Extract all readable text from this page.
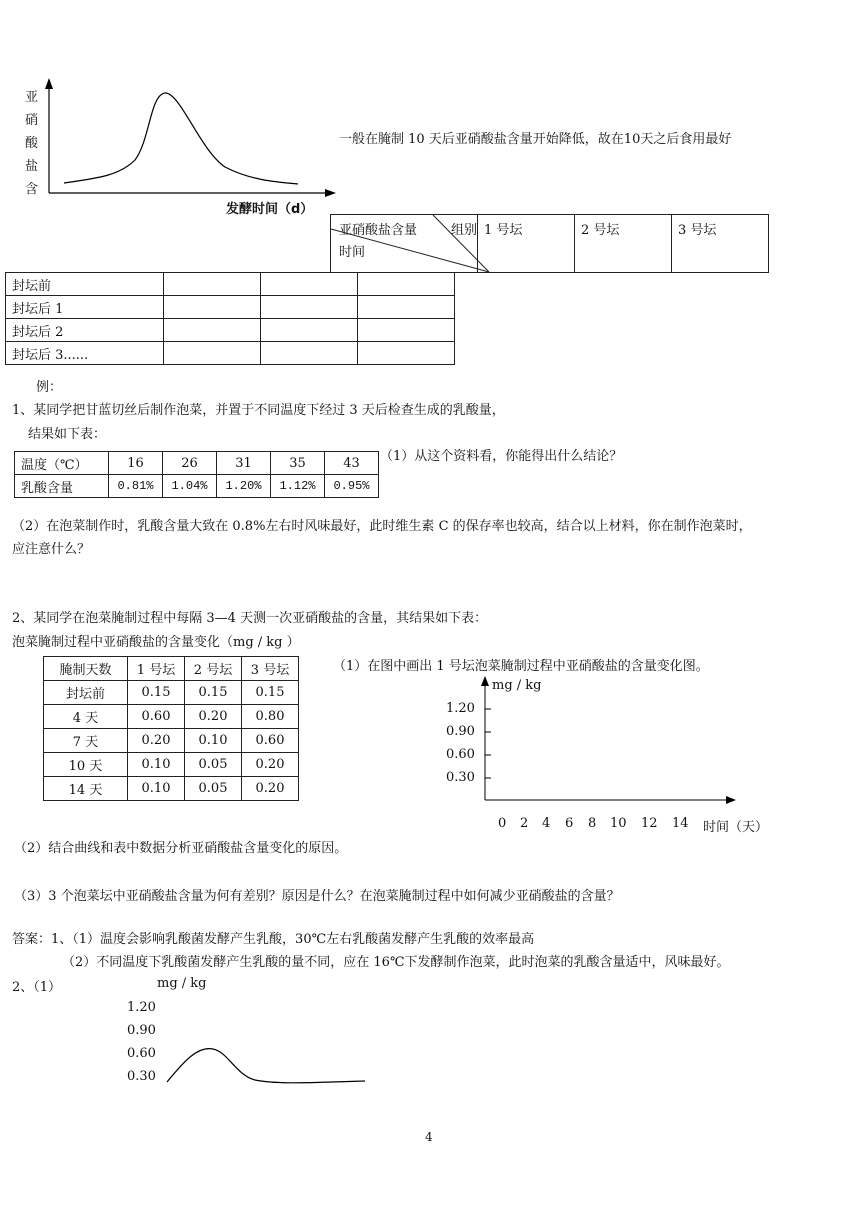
亚
硝
酸
盐
含
发酵时间（d）
一般在腌制 10 天后亚硝酸盐含量开始降低，故在10天之后食用最好
亚硝酸盐含量	组别
时间
	1 号坛	2 号坛	3 号坛
封坛前			
封坛后 1			
封坛后 2			
封坛后 3......			
例：
1、某同学把甘蓝切丝后制作泡菜，并置于不同温度下经过 3 天后检查生成的乳酸量，
结果如下表：
温度（℃）	16	26	31	35	43
乳酸含量	0.81%	1.04%	1.20%	1.12%	0.95%
（1）从这个资料看，你能得出什么结论？
（2）在泡菜制作时，乳酸含量大致在 0.8%左右时风味最好，此时维生素 C 的保存率也较高，结合以上材料，你在制作泡菜时，
应注意什么？
2、某同学在泡菜腌制过程中每隔 3—4 天测一次亚硝酸盐的含量，其结果如下表：
泡菜腌制过程中亚硝酸盐的含量变化（mg / kg ）
腌制天数	1 号坛	2 号坛	3 号坛
封坛前	0.15	0.15	0.15
4 天	0.60	0.20	0.80
7 天	0.20	0.10	0.60
10 天	0.10	0.05	0.20
14 天	0.10	0.05	0.20
（1）在图中画出 1 号坛泡菜腌制过程中亚硝酸盐的含量变化图。
mg / kg
1.20
0.90
0.60
0.30
0 2 4 6 8 10 12 14 时间（天）
（2）结合曲线和表中数据分析亚硝酸盐含量变化的原因。
（3）3 个泡菜坛中亚硝酸盐含量为何有差别？原因是什么？在泡菜腌制过程中如何减少亚硝酸盐的含量？
答案：1、（1）温度会影响乳酸菌发酵产生乳酸，30℃左右乳酸菌发酵产生乳酸的效率最高
（2）不同温度下乳酸菌发酵产生乳酸的量不同，应在 16℃下发酵制作泡菜，此时泡菜的乳酸含量适中，风味最好。
2、（1）	mg / kg
1.20
0.90
0.60
0.30
4
